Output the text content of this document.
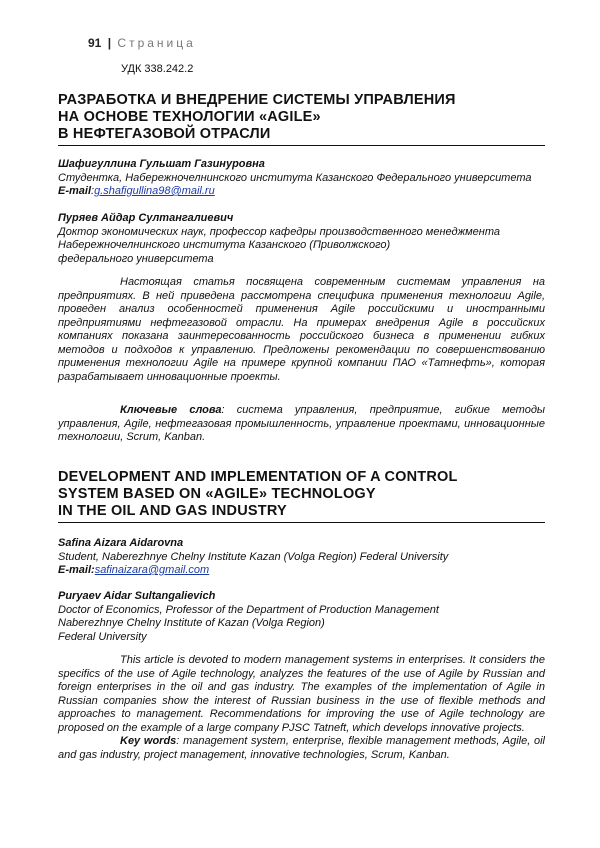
91 | Страница
УДК 338.242.2
РАЗРАБОТКА И ВНЕДРЕНИЕ СИСТЕМЫ УПРАВЛЕНИЯ
НА ОСНОВЕ ТЕХНОЛОГИИ «AGILE»
В НЕФТЕГАЗОВОЙ ОТРАСЛИ
Шафигуллина Гульшат Газинуровна
Студентка, Набережночелнинского института Казанского Федерального университета
E-mail:g.shafigullina98@mail.ru
Пуряев Айдар Султангалиевич
Доктор экономических наук, профессор кафедры производственного менеджмента
Набережночелнинского института Казанского (Приволжского)
федерального университета
Настоящая статья посвящена современным системам управления на предприятиях. В ней приведена рассмотрена специфика применения технологии Agile, проведен анализ особенностей применения Agile российскими и иностранными предприятиями нефтегазовой отрасли. На примерах внедрения Agile в российских компаниях показана заинтересованность российского бизнеса в применении гибких методов и подходов к управлению. Предложены рекомендации по совершенствованию применения технологии Agile на примере крупной компании ПАО «Татнефть», которая разрабатывает инновационные проекты.
Ключевые слова: система управления, предприятие, гибкие методы управления, Agile, нефтегазовая промышленность, управление проектами, инновационные технологии, Scrum, Kanban.
DEVELOPMENT AND IMPLEMENTATION OF A CONTROL
SYSTEM BASED ON «AGILE» TECHNOLOGY
IN THE OIL AND GAS INDUSTRY
Safina Aizara Aidarovna
Student, Naberezhnye Chelny Institute Kazan (Volga Region) Federal University
E-mail:safinaizara@gmail.com
Puryaev Aidar Sultangalievich
Doctor of Economics, Professor of the Department of Production Management
Naberezhnye Chelny Institute of Kazan (Volga Region)
Federal University
This article is devoted to modern management systems in enterprises. It considers the specifics of the use of Agile technology, analyzes the features of the use of Agile by Russian and foreign enterprises in the oil and gas industry. The examples of the implementation of Agile in Russian companies show the interest of Russian business in the use of flexible methods and approaches to management. Recommendations for improving the use of Agile technology are proposed on the example of a large company PJSC Tatneft, which develops innovative projects.
Key words: management system, enterprise, flexible management methods, Agile, oil and gas industry, project management, innovative technologies, Scrum, Kanban.
